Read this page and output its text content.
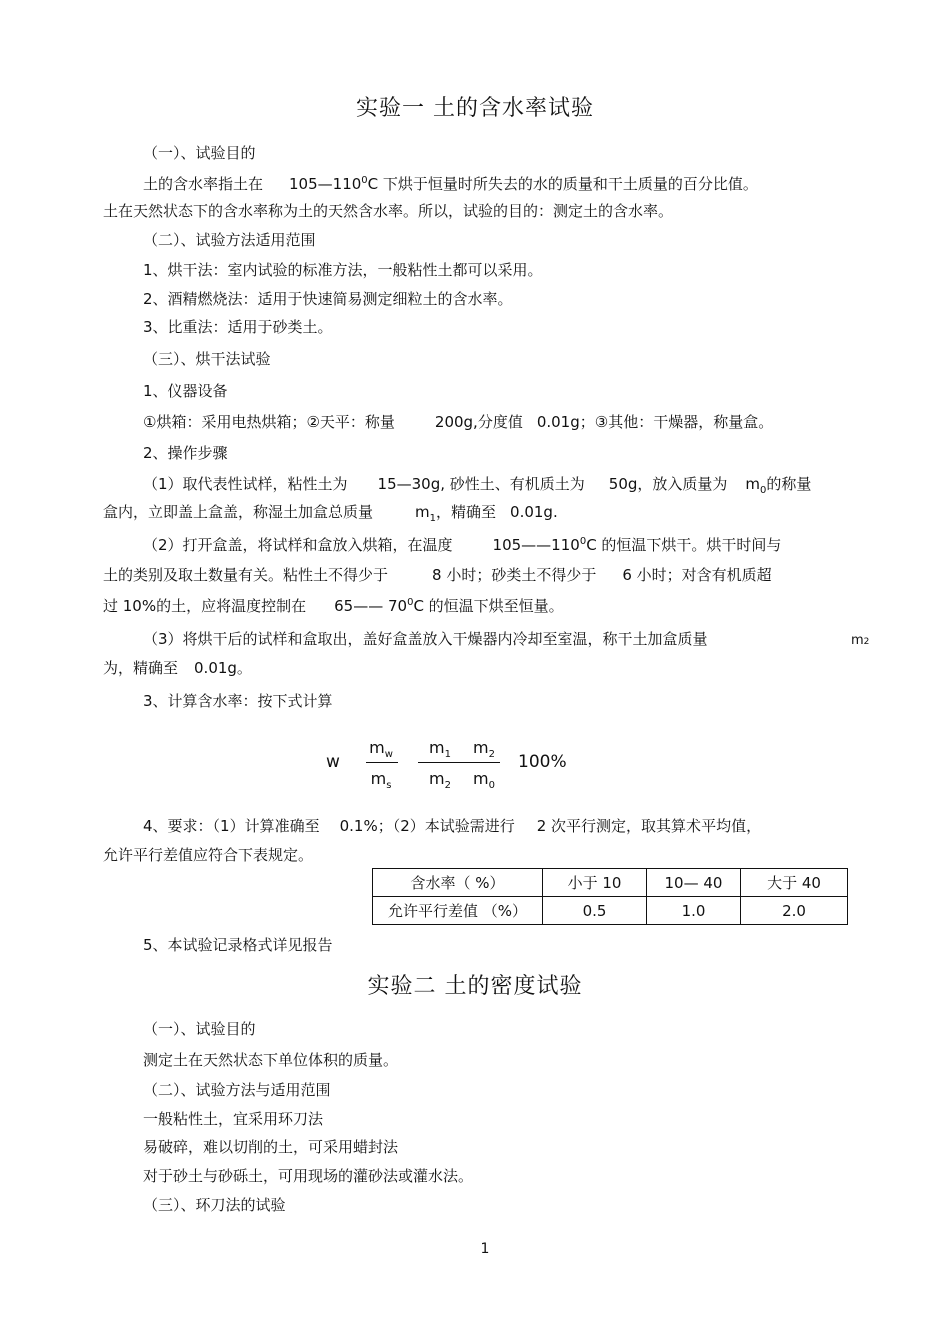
实验一 土的含水率试验
（一）、试验目的
土的含水率指土在 $105—110^0C$ 下烘于恒量时所失去的水的质量和干土质量的百分比值。
土在天然状态下的含水率称为土的天然含水率。所以，试验的目的：测定土的含水率。
（二）、试验方法适用范围
1、烘干法：室内试验的标准方法，一般粘性土都可以采用。
2、酒精燃烧法：适用于快速简易测定细粒土的含水率。
3、比重法：适用于砂类土。
（三）、烘干法试验
1、仪器设备
①烘箱：采用电热烘箱；②天平：称量	200g,分度值 0.01g；③其他：干燥器，称量盒。
2、操作步骤
（1）取代表性试样，粘性土为 15—30g, 砂性土、有机质土为 50g，放入质量为 $m_0$的称量
盒内，立即盖上盒盖，称湿土加盒总质量	$m_1$，精确至 0.01g.
（2）打开盒盖，将试样和盒放入烘箱，在温度	$105——110^0C$ 的恒温下烘干。烘干时间与
土的类别及取土数量有关。粘性土不得少于	8 小时；砂类土不得少于 6 小时；对含有机质超
过 10%的土，应将温度控制在 65—— $70^0C$ 的恒温下烘至恒量。
（3）将烘干后的试样和盒取出，盖好盒盖放入干燥器内冷却至室温，称干土加盒质量	m2
为，精确至 0.01g。
3、计算含水率：按下式计算
w
$m_w$
$m_s$
$m_1$ $m_2$
$m_2$ $m_0$
100%
4、要求：（1）计算准确至 0.1%；（2）本试验需进行 2 次平行测定，取其算术平均值，
允许平行差值应符合下表规定。
含水率（ %）	小于 10	10— 40	大于 40
允许平行差值 （%）	0.5	1.0	2.0
5、本试验记录格式详见报告
实验二 土的密度试验
（一）、试验目的
测定土在天然状态下单位体积的质量。
（二）、试验方法与适用范围
一般粘性土，宜采用环刀法
易破碎，难以切削的土，可采用蜡封法
对于砂土与砂砾土，可用现场的灌砂法或灌水法。
（三）、环刀法的试验
1
